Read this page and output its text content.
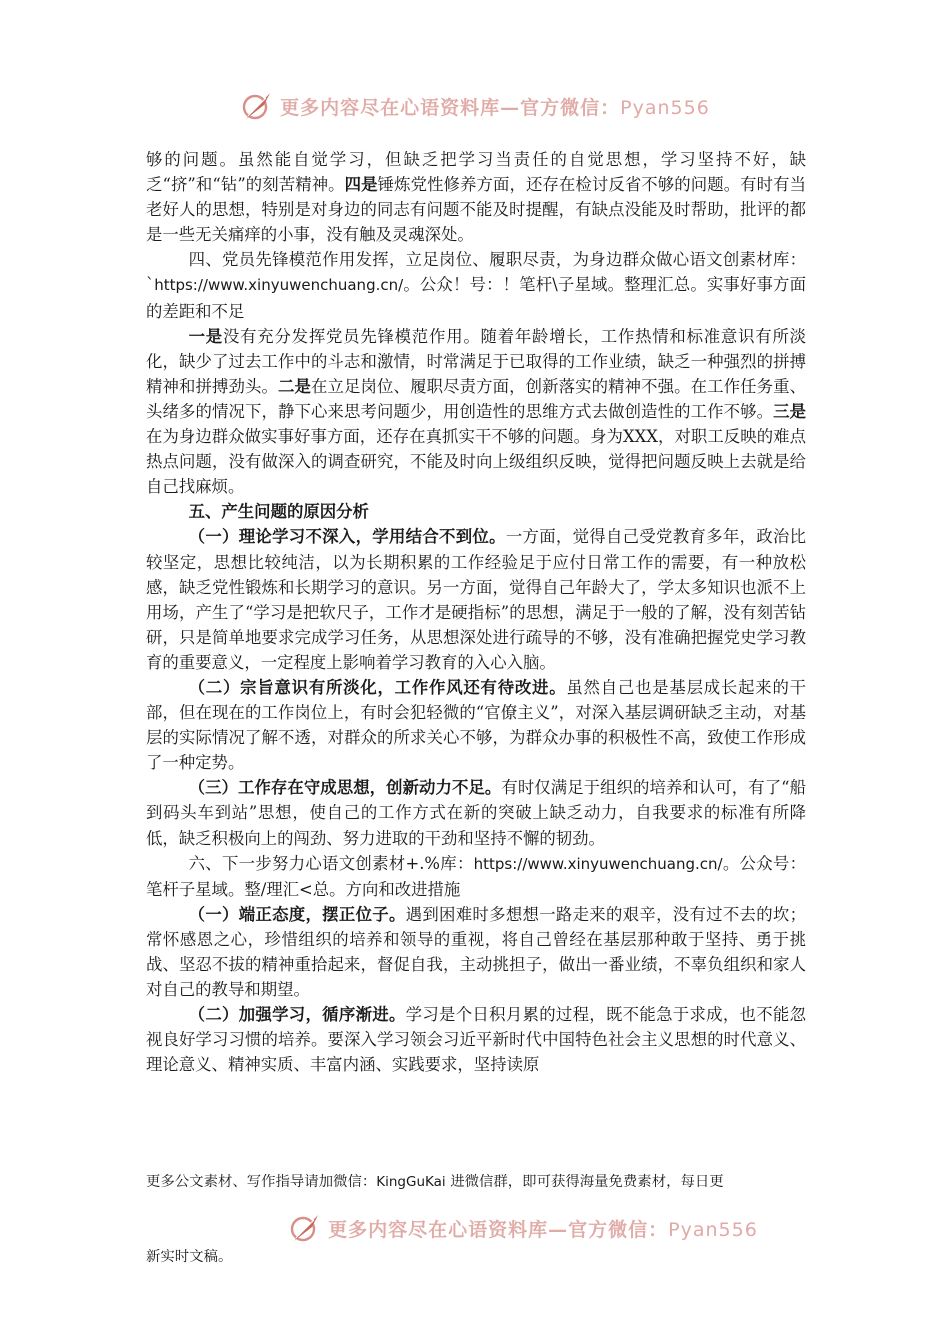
更多内容尽在心语资料库—官方微信：Pyan556

够的问题。虽然能自觉学习，但缺乏把学习当责任的自觉思想，学习坚持不好，缺乏“挤”和“钻”的刻苦精神。四是锤炼党性修养方面，还存在检讨反省不够的问题。有时有当老好人的思想，特别是对身边的同志有问题不能及时提醒，有缺点没能及时帮助，批评的都是一些无关痛痒的小事，没有触及灵魂深处。

四、党员先锋模范作用发挥，立足岗位、履职尽责，为身边群众做心语文创素材库：`https://www.xinyuwenchuang.cn/。公众！号：！笔杆\子星域。整理汇总。实事好事方面的差距和不足

一是没有充分发挥党员先锋模范作用。随着年龄增长，工作热情和标准意识有所淡化，缺少了过去工作中的斗志和激情，时常满足于已取得的工作业绩，缺乏一种强烈的拼搏精神和拼搏劲头。二是在立足岗位、履职尽责方面，创新落实的精神不强。在工作任务重、头绪多的情况下，静下心来思考问题少，用创造性的思维方式去做创造性的工作不够。三是在为身边群众做实事好事方面，还存在真抓实干不够的问题。身为XXX，对职工反映的难点热点问题，没有做深入的调查研究，不能及时向上级组织反映，觉得把问题反映上去就是给自己找麻烦。

五、产生问题的原因分析

（一）理论学习不深入，学用结合不到位。一方面，觉得自己受党教育多年，政治比较坚定，思想比较纯洁，以为长期积累的工作经验足于应付日常工作的需要，有一种放松感，缺乏党性锻炼和长期学习的意识。另一方面，觉得自己年龄大了，学太多知识也派不上用场，产生了“学习是把软尺子，工作才是硬指标”的思想，满足于一般的了解，没有刻苦钻研，只是简单地要求完成学习任务，从思想深处进行疏导的不够，没有准确把握党史学习教育的重要意义，一定程度上影响着学习教育的入心入脑。

（二）宗旨意识有所淡化，工作作风还有待改进。虽然自己也是基层成长起来的干部，但在现在的工作岗位上，有时会犯轻微的“官僚主义”，对深入基层调研缺乏主动，对基层的实际情况了解不透，对群众的所求关心不够，为群众办事的积极性不高，致使工作形成了一种定势。

（三）工作存在守成思想，创新动力不足。有时仅满足于组织的培养和认可，有了“船到码头车到站”思想，使自己的工作方式在新的突破上缺乏动力，自我要求的标准有所降低，缺乏积极向上的闯劲、努力进取的干劲和坚持不懈的韧劲。

六、下一步努力心语文创素材+.%库：https://www.xinyuwenchuang.cn/。公众号：笔杆子星域。整/理汇<总。方向和改进措施

（一）端正态度，摆正位子。遇到困难时多想想一路走来的艰辛，没有过不去的坎；常怀感恩之心，珍惜组织的培养和领导的重视，将自己曾经在基层那种敢于坚持、勇于挑战、坚忍不拔的精神重拾起来，督促自我，主动挑担子，做出一番业绩，不辜负组织和家人对自己的教导和期望。

（二）加强学习，循序渐进。学习是个日积月累的过程，既不能急于求成，也不能忽视良好学习习惯的培养。要深入学习领会习近平新时代中国特色社会主义思想的时代意义、理论意义、精神实质、丰富内涵、实践要求，坚持读原

更多公文素材、写作指导请加微信：KingGuKai 进微信群，即可获得海量免费素材，每日更
更多内容尽在心语资料库—官方微信：Pyan556
新实时文稿。
